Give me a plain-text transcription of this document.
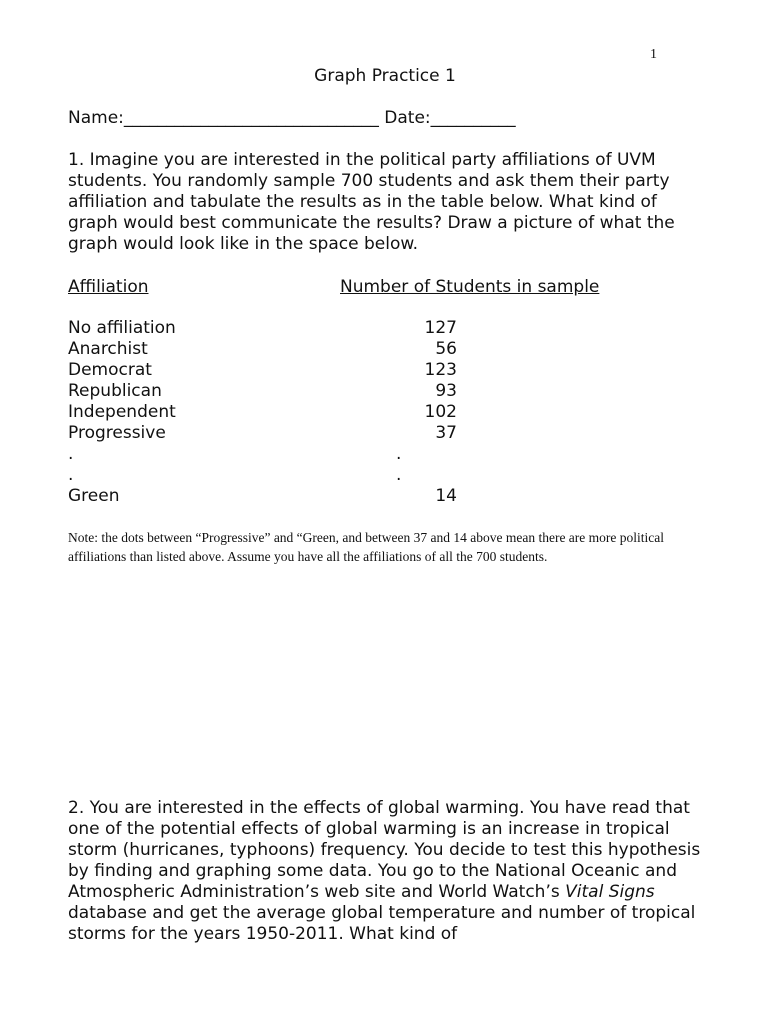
1
Graph Practice 1
Name:______________________________ Date:__________
1. Imagine you are interested in the political party affiliations of UVM students. You randomly sample 700 students and ask them their party affiliation and tabulate the results as in the table below. What kind of graph would best communicate the results? Draw a picture of what the graph would look like in the space below.
Affiliation	Number of Students in sample
No affiliation	127
Anarchist	56
Democrat	123
Republican	93
Independent	102
Progressive	37
.	.
.	.
Green	14
Note: the dots between “Progressive” and “Green, and between 37 and 14 above mean there are more political affiliations than listed above. Assume you have all the affiliations of all the 700 students.
2. You are interested in the effects of global warming. You have read that one of the potential effects of global warming is an increase in tropical storm (hurricanes, typhoons) frequency. You decide to test this hypothesis by finding and graphing some data. You go to the National Oceanic and Atmospheric Administration’s web site and World Watch’s Vital Signs database and get the average global temperature and number of tropical storms for the years 1950-2011. What kind of
